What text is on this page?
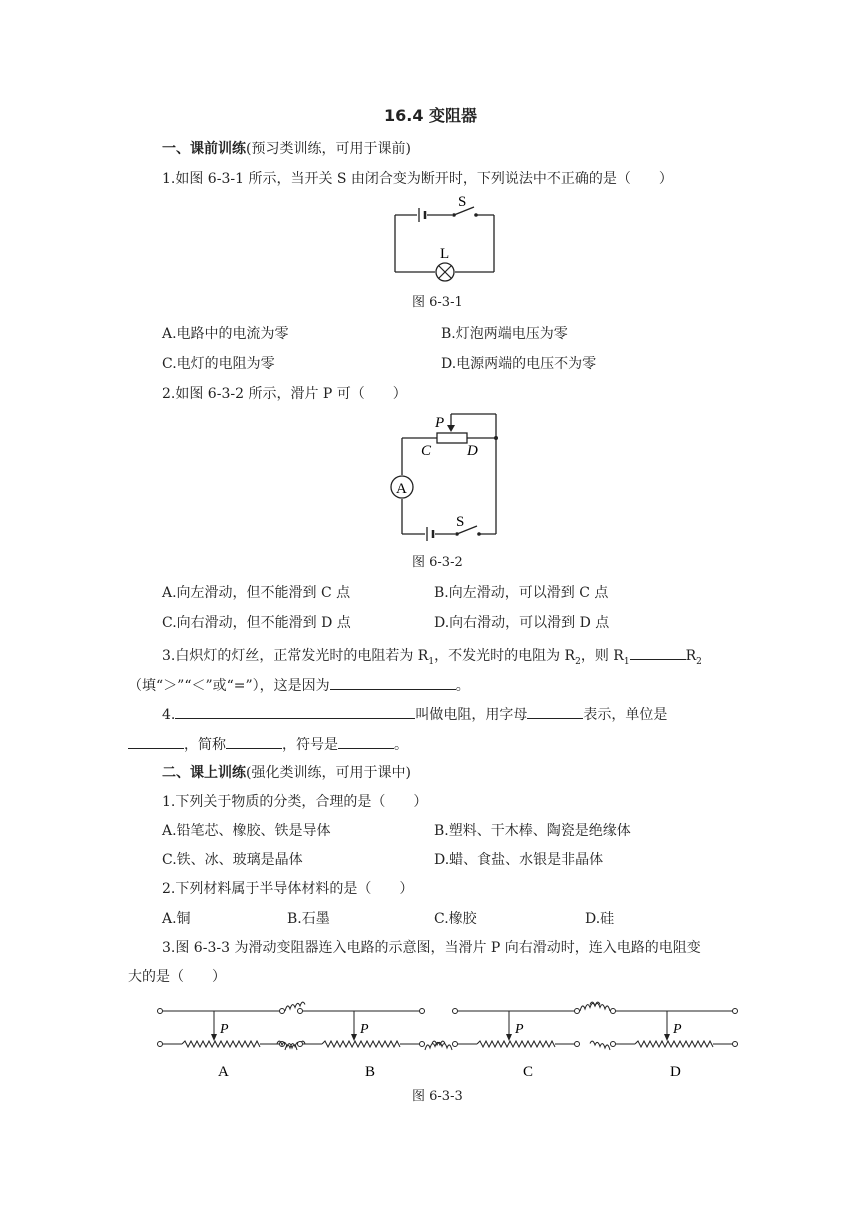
16.4 变阻器
一、课前训练(预习类训练，可用于课前)
1.如图 6-3-1 所示，当开关 S 由闭合变为断开时，下列说法中不正确的是（　　）
S
L
图 6-3-1
A.电路中的电流为零	B.灯泡两端电压为零
C.电灯的电阻为零	D.电源两端的电压不为零
2.如图 6-3-2 所示，滑片 P 可（　　）
P
C D
A
S
图 6-3-2
A.向左滑动，但不能滑到 C 点	B.向左滑动，可以滑到 C 点
C.向右滑动，但不能滑到 D 点	D.向右滑动，可以滑到 D 点
3.白炽灯的灯丝，正常发光时的电阻若为 $R_1$，不发光时的电阻为 $R_2$，则 $R_1$	$R_2$
（填“＞”“＜”或“=”），这是因为	。
4.	叫做电阻，用字母	表示，单位是
，简称	，符号是	。
二、课上训练(强化类训练，可用于课中)
1.下列关于物质的分类，合理的是（　　）
A.铅笔芯、橡胶、铁是导体	B.塑料、干木棒、陶瓷是绝缘体
C.铁、冰、玻璃是晶体	D.蜡、食盐、水银是非晶体
2.下列材料属于半导体材料的是（　　）
A.铜	B.石墨	C.橡胶	D.硅
3.图 6-3-3 为滑动变阻器连入电路的示意图，当滑片 P 向右滑动时，连入电路的电阻变
大的是（　　）
P	P	P	P
A	B	C	D
图 6-3-3
